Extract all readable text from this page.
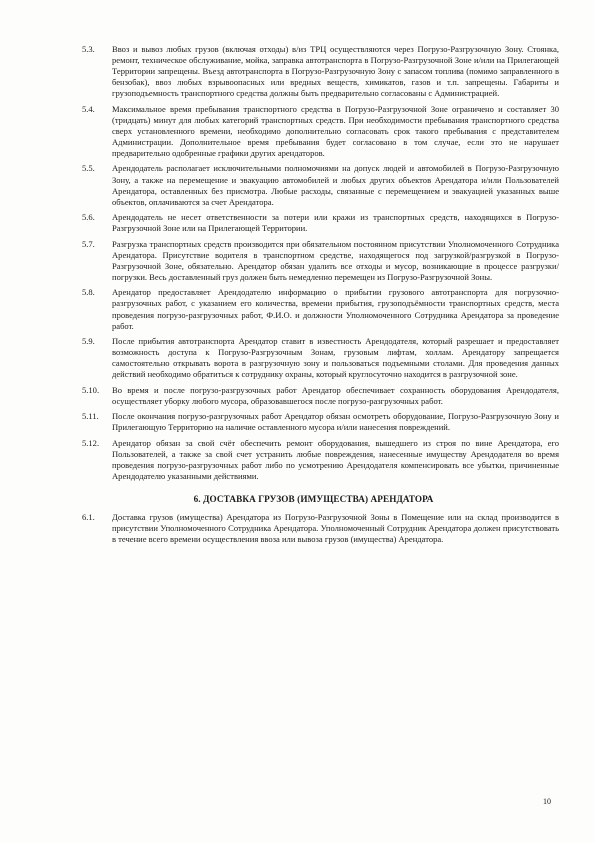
5.3.	Ввоз и вывоз любых грузов (включая отходы) в/из ТРЦ осуществляются через Погрузо-Разгрузочную Зону. Стоянка, ремонт, техническое обслуживание, мойка, заправка автотранспорта в Погрузо-Разгрузочной Зоне и/или на Прилегающей Территории запрещены. Въезд автотранспорта в Погрузо-Разгрузочную Зону с запасом топлива (помимо заправленного в бензобак), ввоз любых взрывоопасных или вредных веществ, химикатов, газов и т.п. запрещены. Габариты и грузоподъемность транспортного средства должны быть предварительно согласованы с Администрацией.
5.4.	Максимальное время пребывания транспортного средства в Погрузо-Разгрузочной Зоне ограничено и составляет 30 (тридцать) минут для любых категорий транспортных средств. При необходимости пребывания транспортного средства сверх установленного времени, необходимо дополнительно согласовать срок такого пребывания с представителем Администрации. Дополнительное время пребывания будет согласовано в том случае, если это не нарушает предварительно одобренные графики других арендаторов.
5.5.	Арендодатель располагает исключительными полномочиями на допуск людей и автомобилей в Погрузо-Разгрузочную Зону, а также на перемещение и эвакуацию автомобилей и любых других объектов Арендатора и/или Пользователей Арендатора, оставленных без присмотра. Любые расходы, связанные с перемещением и эвакуацией указанных выше объектов, оплачиваются за счет Арендатора.
5.6.	Арендодатель не несет ответственности за потери или кражи из транспортных средств, находящихся в Погрузо-Разгрузочной Зоне или на Прилегающей Территории.
5.7.	Разгрузка транспортных средств производится при обязательном постоянном присутствии Уполномоченного Сотрудника Арендатора. Присутствие водителя в транспортном средстве, находящегося под загрузкой/разгрузкой в Погрузо-Разгрузочной Зоне, обязательно. Арендатор обязан удалить все отходы и мусор, возникающие в процессе разгрузки/погрузки. Весь доставленный груз должен быть немедленно перемещен из Погрузо-Разгрузочной Зоны.
5.8.	Арендатор предоставляет Арендодателю информацию о прибытии грузового автотранспорта для погрузочно-разгрузочных работ, с указанием его количества, времени прибытия, грузоподъёмности транспортных средств, места проведения погрузо-разгрузочных работ, Ф.И.О. и должности Уполномоченного Сотрудника Арендатора за проведение работ.
5.9.	После прибытия автотранспорта Арендатор ставит в известность Арендодателя, который разрешает и предоставляет возможность доступа к Погрузо-Разгрузочным Зонам, грузовым лифтам, холлам. Арендатору запрещается самостоятельно открывать ворота в разгрузочную зону и пользоваться подъемными столами. Для проведения данных действий необходимо обратиться к сотруднику охраны, который круглосуточно находится в разгрузочной зоне.
5.10.	Во время и после погрузо-разгрузочных работ Арендатор обеспечивает сохранность оборудования Арендодателя, осуществляет уборку любого мусора, образовавшегося после погрузо-разгрузочных работ.
5.11.	После окончания погрузо-разгрузочных работ Арендатор обязан осмотреть оборудование, Погрузо-Разгрузочную Зону и Прилегающую Территорию на наличие оставленного мусора и/или нанесения повреждений.
5.12.	Арендатор обязан за свой счёт обеспечить ремонт оборудования, вышедшего из строя по вине Арендатора, его Пользователей, а также за свой счет устранить любые повреждения, нанесенные имуществу Арендодателя во время проведения погрузо-разгрузочных работ либо по усмотрению Арендодателя компенсировать все убытки, причиненные Арендодателю указанными действиями.
6. ДОСТАВКА ГРУЗОВ (ИМУЩЕСТВА) АРЕНДАТОРА
6.1.	Доставка грузов (имущества) Арендатора из Погрузо-Разгрузочной Зоны в Помещение или на склад производится в присутствии Уполномоченного Сотрудника Арендатора. Уполномоченный Сотрудник Арендатора должен присутствовать в течение всего времени осуществления ввоза или вывоза грузов (имущества) Арендатора.
10
